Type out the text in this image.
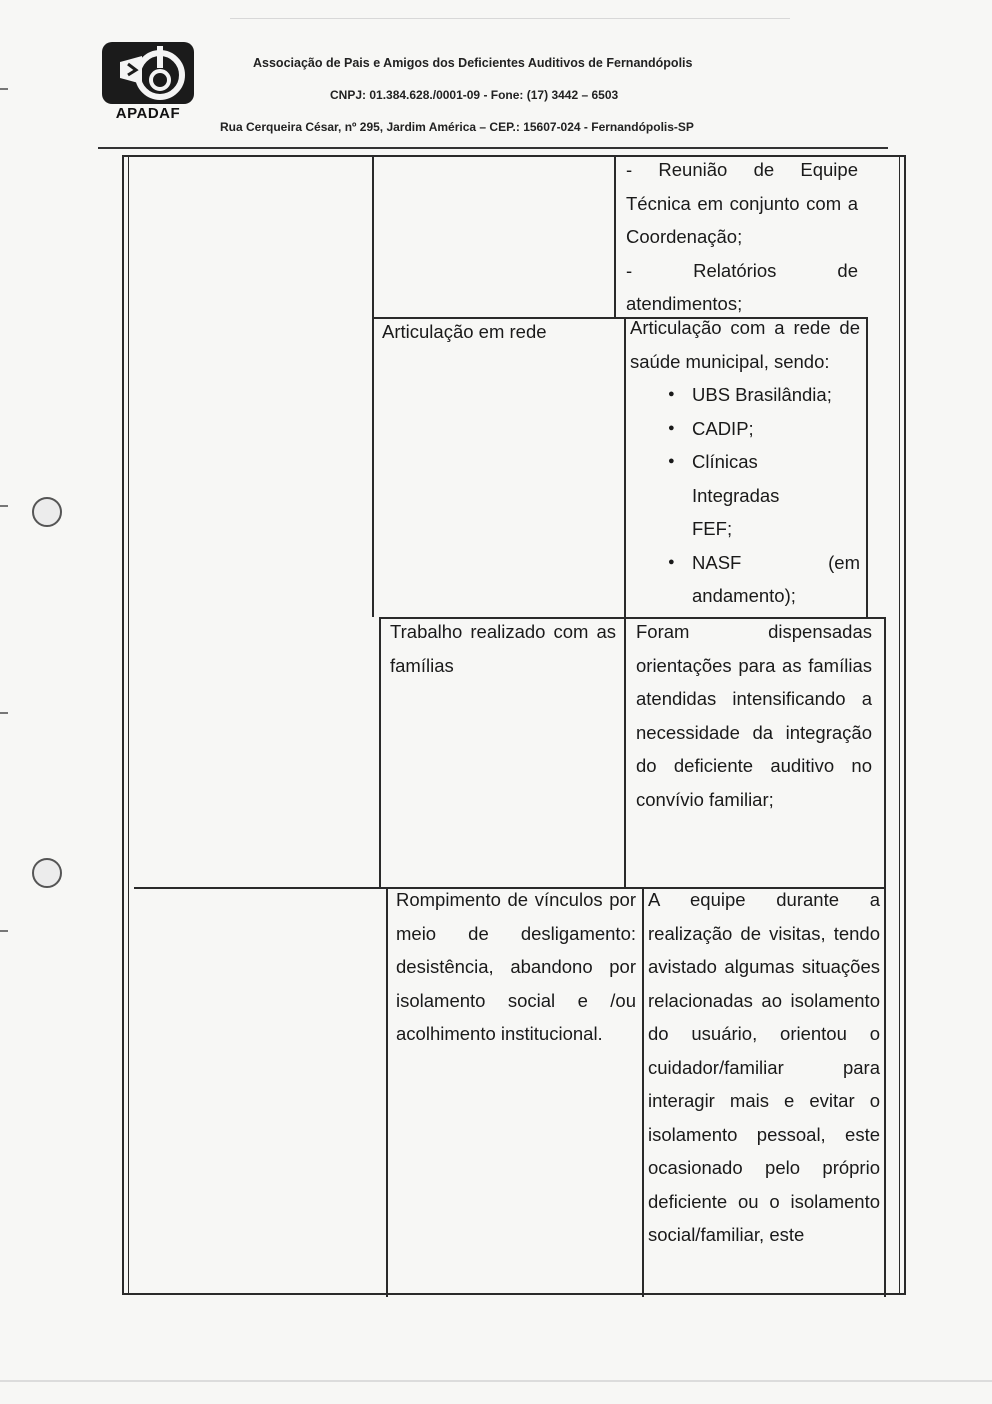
APADAF
Associação de Pais e Amigos dos Deficientes Auditivos de Fernandópolis
CNPJ: 01.384.628./0001-09 - Fone: (17) 3442 – 6503
Rua Cerqueira César, nº 295, Jardim América – CEP.: 15607-024 - Fernandópolis-SP
- Reunião de Equipe Técnica em conjunto com a Coordenação;
- Relatórios de atendimentos;
Articulação em rede	Articulação com a rede de saúde municipal, sendo:
● UBS Brasilândia;
● CADIP;
● Clínicas Integradas FEF;
● NASF (em andamento);
Trabalho realizado com as famílias
Foram dispensadas orientações para as famílias atendidas intensificando a necessidade da integração do deficiente auditivo no convívio familiar;
Rompimento de vínculos por meio de desligamento: desistência, abandono por isolamento social e /ou acolhimento institucional.
A equipe durante a realização de visitas, tendo avistado algumas situações relacionadas ao isolamento do usuário, orientou o cuidador/familiar para interagir mais e evitar o isolamento pessoal, este ocasionado pelo próprio deficiente ou o isolamento social/familiar, este
